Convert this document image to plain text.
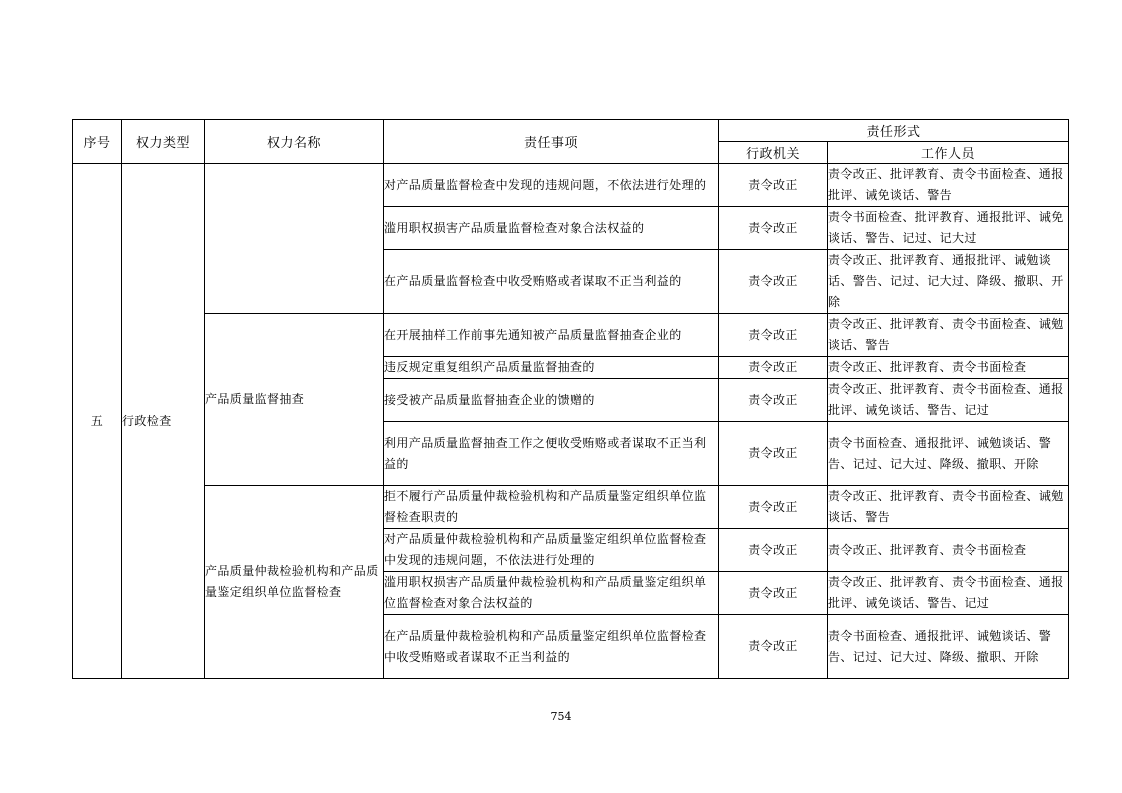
序号	权力类型	权力名称	责任事项	责任形式	
				行政机关	工作人员
五	行政检查		对产品质量监督检查中发现的违规问题，不依法进行处理的	责令改正	责令改正、批评教育、责令书面检查、通报批评、诫免谈话、警告
			滥用职权损害产品质量监督检查对象合法权益的	责令改正	责令书面检查、批评教育、通报批评、诫免谈话、警告、记过、记大过
			在产品质量监督检查中收受贿赂或者谋取不正当利益的	责令改正	责令改正、批评教育、通报批评、诫勉谈话、警告、记过、记大过、降级、撤职、开除
		产品质量监督抽查	在开展抽样工作前事先通知被产品质量监督抽查企业的	责令改正	责令改正、批评教育、责令书面检查、诫勉谈话、警告
			违反规定重复组织产品质量监督抽查的	责令改正	责令改正、批评教育、责令书面检查
			接受被产品质量监督抽查企业的馈赠的	责令改正	责令改正、批评教育、责令书面检查、通报批评、诫免谈话、警告、记过
			利用产品质量监督抽查工作之便收受贿赂或者谋取不正当利益的	责令改正	责令书面检查、通报批评、诫勉谈话、警告、记过、记大过、降级、撤职、开除
		产品质量仲裁检验机构和产品质量鉴定组织单位监督检查	拒不履行产品质量仲裁检验机构和产品质量鉴定组织单位监督检查职责的	责令改正	责令改正、批评教育、责令书面检查、诫勉谈话、警告
			对产品质量仲裁检验机构和产品质量鉴定组织单位监督检查中发现的违规问题，不依法进行处理的	责令改正	责令改正、批评教育、责令书面检查
			滥用职权损害产品质量仲裁检验机构和产品质量鉴定组织单位监督检查对象合法权益的	责令改正	责令改正、批评教育、责令书面检查、通报批评、诫免谈话、警告、记过
			在产品质量仲裁检验机构和产品质量鉴定组织单位监督检查中收受贿赂或者谋取不正当利益的	责令改正	责令书面检查、通报批评、诫勉谈话、警告、记过、记大过、降级、撤职、开除
754
